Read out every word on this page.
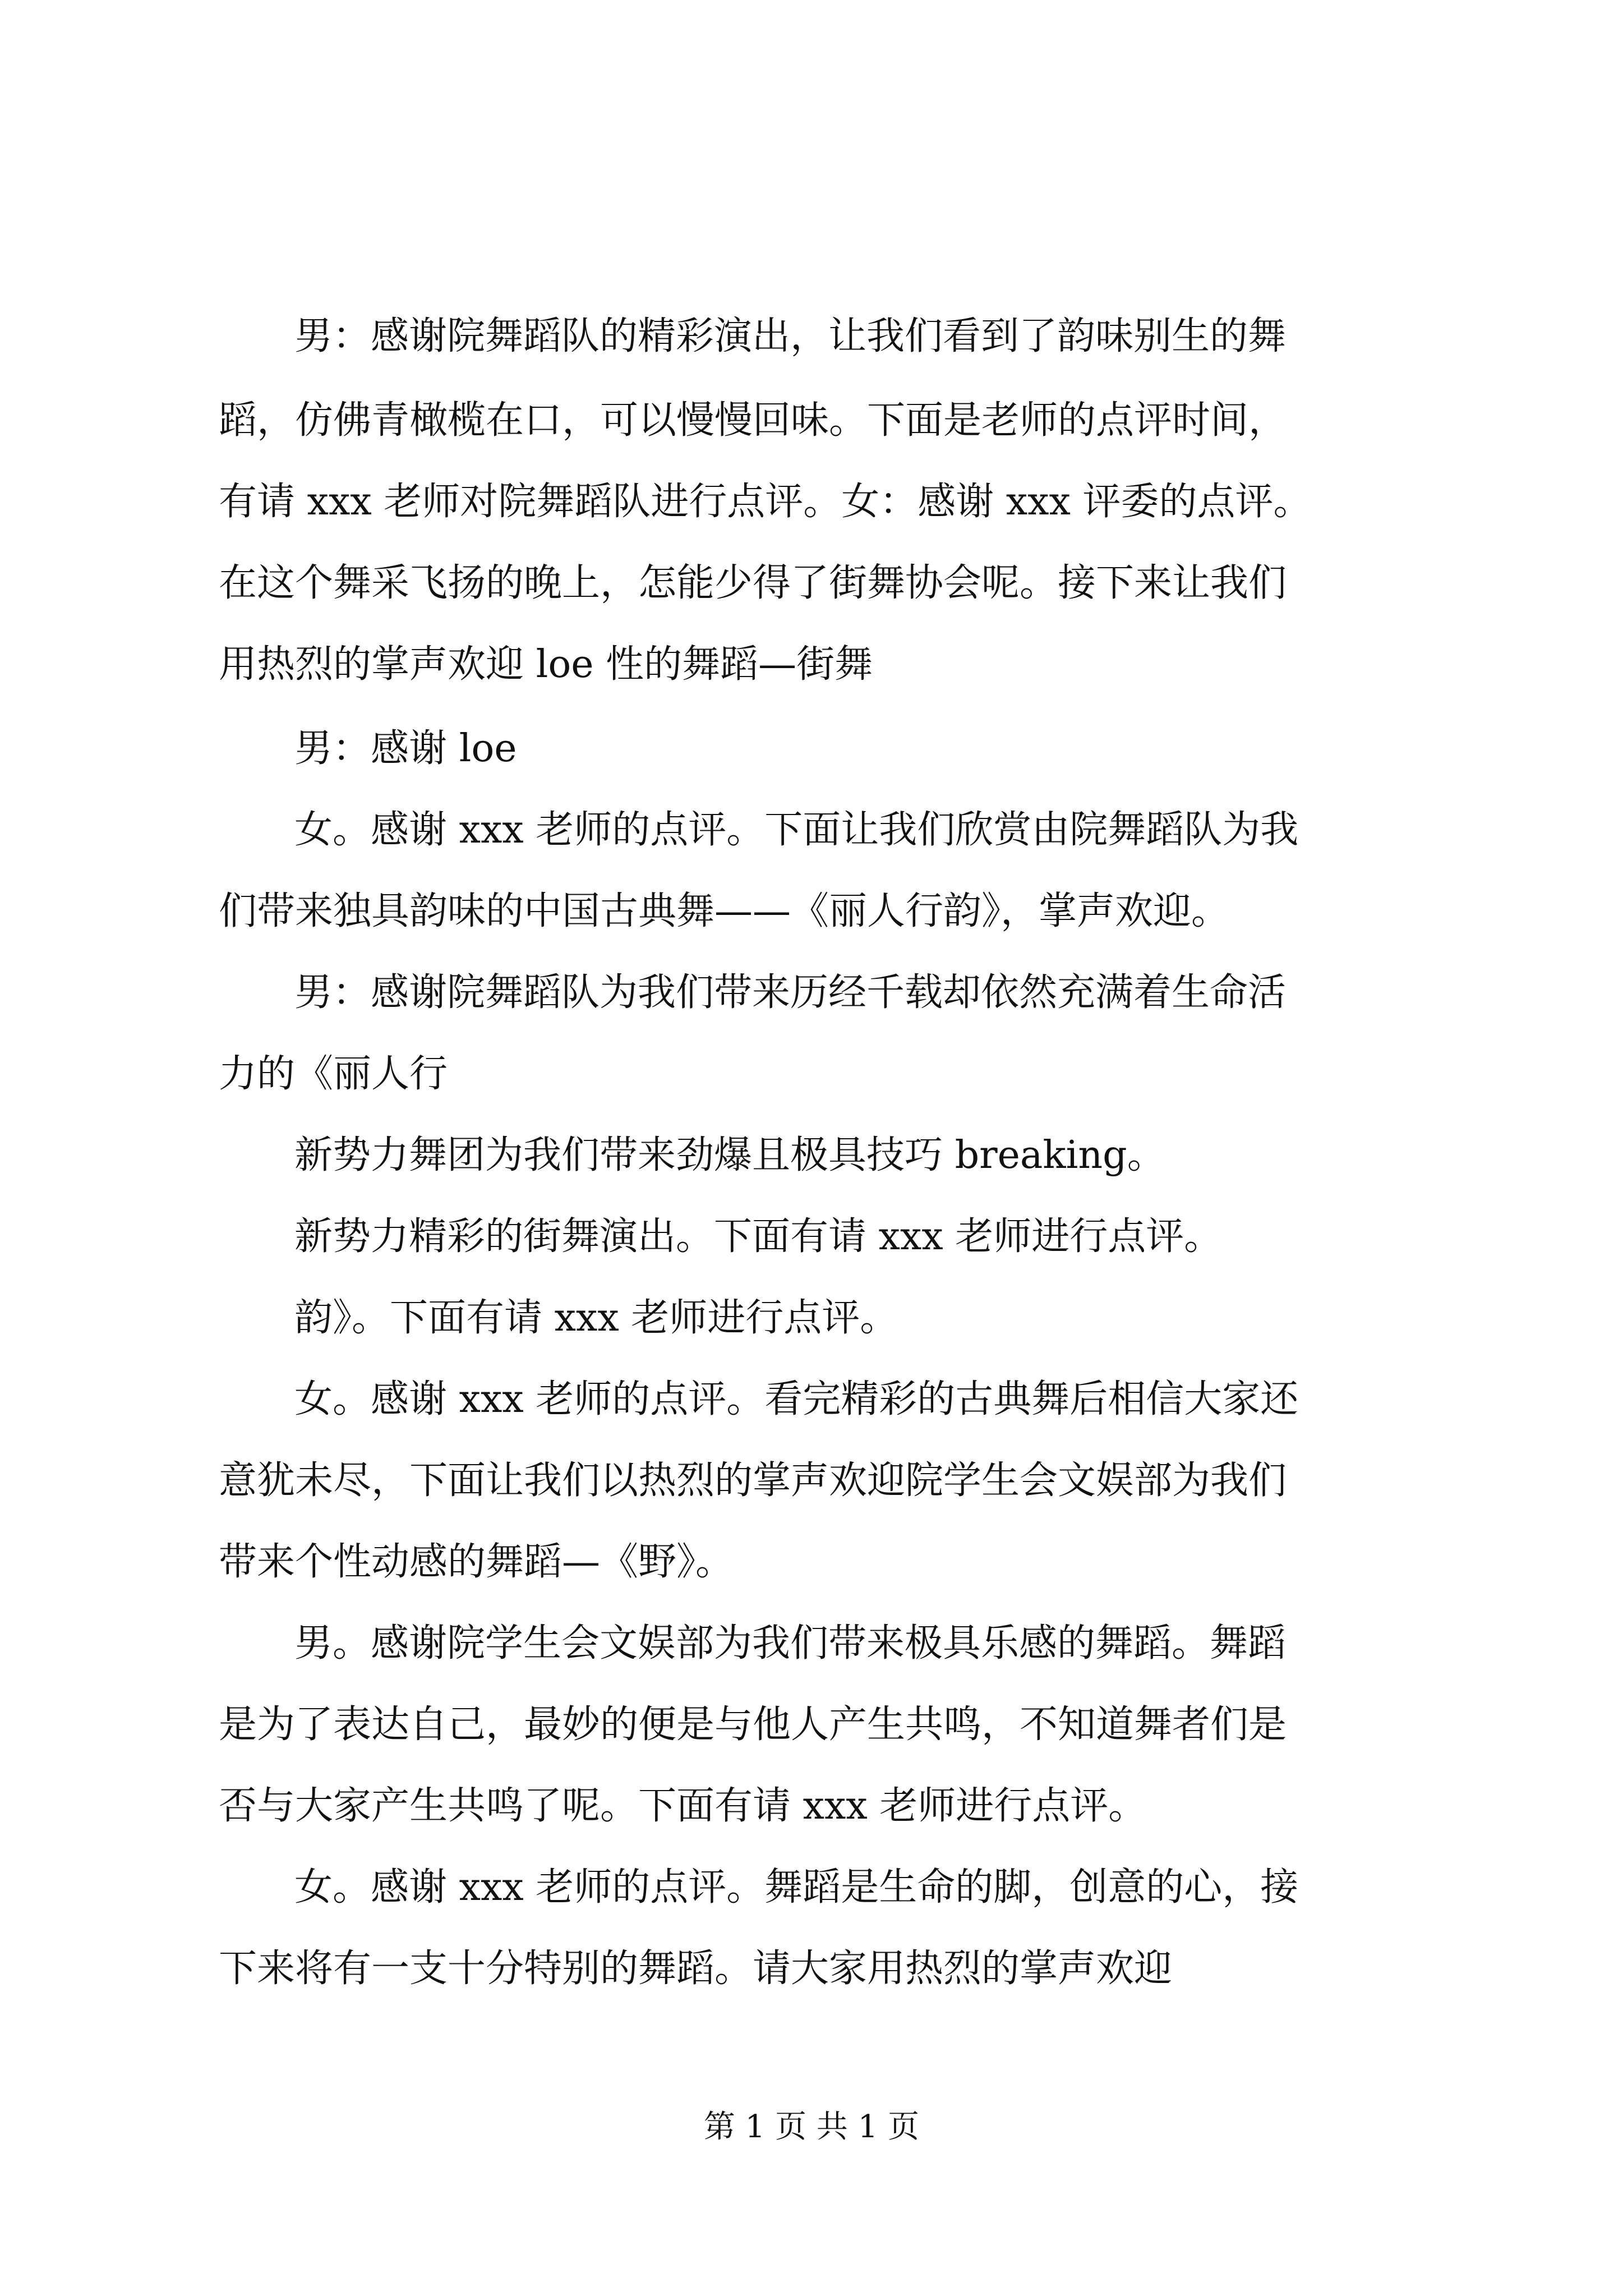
男：感谢院舞蹈队的精彩演出，让我们看到了韵味别生的舞
蹈，仿佛青橄榄在口，可以慢慢回味。下面是老师的点评时间，
有请 xxx 老师对院舞蹈队进行点评。女：感谢 xxx 评委的点评。
在这个舞采飞扬的晚上，怎能少得了街舞协会呢。接下来让我们
用热烈的掌声欢迎 loe 性的舞蹈—街舞
男：感谢 loe
女。感谢 xxx 老师的点评。下面让我们欣赏由院舞蹈队为我
们带来独具韵味的中国古典舞——《丽人行韵》，掌声欢迎。
男：感谢院舞蹈队为我们带来历经千载却依然充满着生命活
力的《丽人行
新势力舞团为我们带来劲爆且极具技巧 breaking。
新势力精彩的街舞演出。下面有请 xxx 老师进行点评。
韵》。下面有请 xxx 老师进行点评。
女。感谢 xxx 老师的点评。看完精彩的古典舞后相信大家还
意犹未尽，下面让我们以热烈的掌声欢迎院学生会文娱部为我们
带来个性动感的舞蹈—《野》。
男。感谢院学生会文娱部为我们带来极具乐感的舞蹈。舞蹈
是为了表达自己，最妙的便是与他人产生共鸣，不知道舞者们是
否与大家产生共鸣了呢。下面有请 xxx 老师进行点评。
女。感谢 xxx 老师的点评。舞蹈是生命的脚，创意的心，接
下来将有一支十分特别的舞蹈。请大家用热烈的掌声欢迎
第 1 页 共 1 页
